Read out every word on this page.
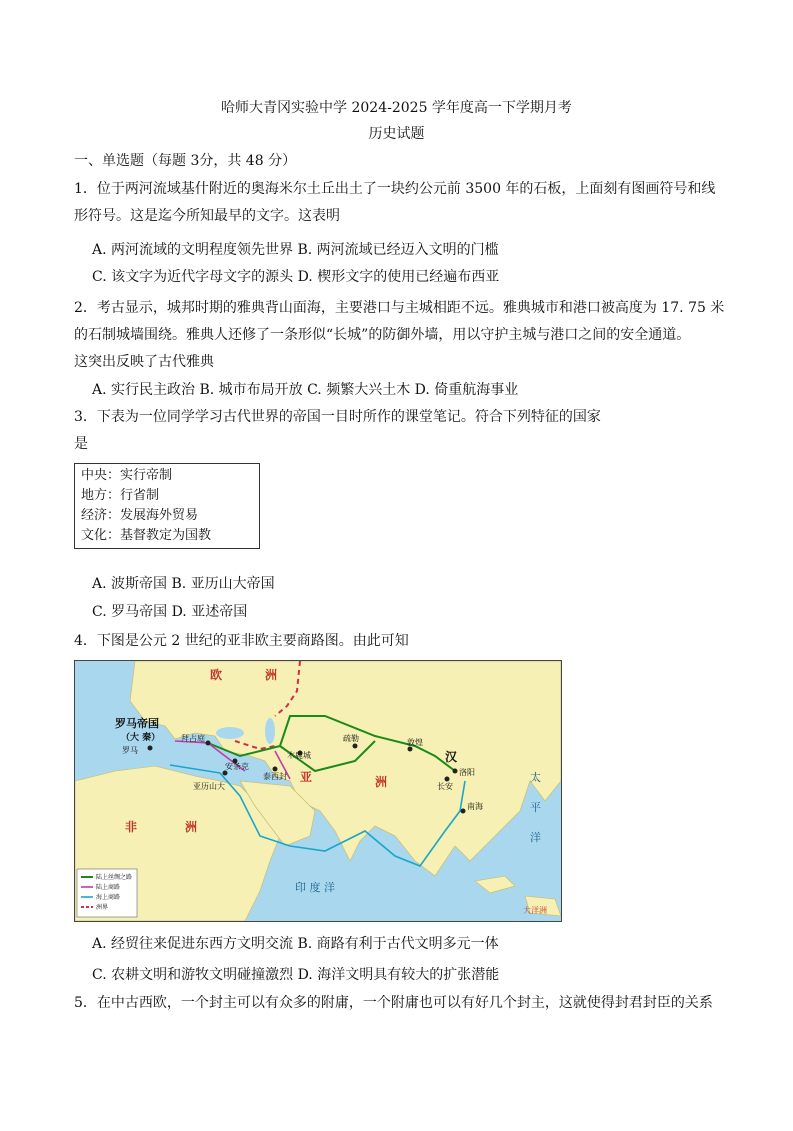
哈师大青冈实验中学 2024-2025 学年度高一下学期月考
历史试题
一、单选题（每题 3分，共 48 分）
1．位于两河流域基什附近的奥海米尔土丘出土了一块约公元前 3500 年的石板，上面刻有图画符号和线
形符号。这是迄今所知最早的文字。这表明
A. 两河流域的文明程度领先世界 B. 两河流域已经迈入文明的门槛
C. 该文字为近代字母文字的源头 D. 楔形文字的使用已经遍布西亚
2．考古显示，城邦时期的雅典背山面海，主要港口与主城相距不远。雅典城市和港口被高度为 17. 75 米
的石制城墙围绕。雅典人还修了一条形似“长城”的防御外墙，用以守护主城与港口之间的安全通道。
这突出反映了古代雅典
A. 实行民主政治 B. 城市布局开放 C. 频繁大兴土木 D. 倚重航海事业
3．下表为一位同学学习古代世界的帝国一目时所作的课堂笔记。符合下列特征的国家
是
中央：实行帝制
地方：行省制
经济：发展海外贸易
文化：基督教定为国教
A. 波斯帝国 B. 亚历山大帝国
C. 罗马帝国 D. 亚述帝国
4．下图是公元 2 世纪的亚非欧主要商路图。由此可知
欧	洲
亚	洲
非	洲
罗马帝国
（大 秦）
汉
罗马
拜占庭
安条克
木鹿城
疏勒	敦煌
洛阳
长安
南海
亚历山大
泰西封
印 度 洋
太
平
洋
大洋洲
陆上丝绸之路
陆上商路
海上商路
洲界
A. 经贸往来促进东西方文明交流 B. 商路有利于古代文明多元一体
C. 农耕文明和游牧文明碰撞激烈 D. 海洋文明具有较大的扩张潜能
5．在中古西欧，一个封主可以有众多的附庸，一个附庸也可以有好几个封主，这就使得封君封臣的关系
